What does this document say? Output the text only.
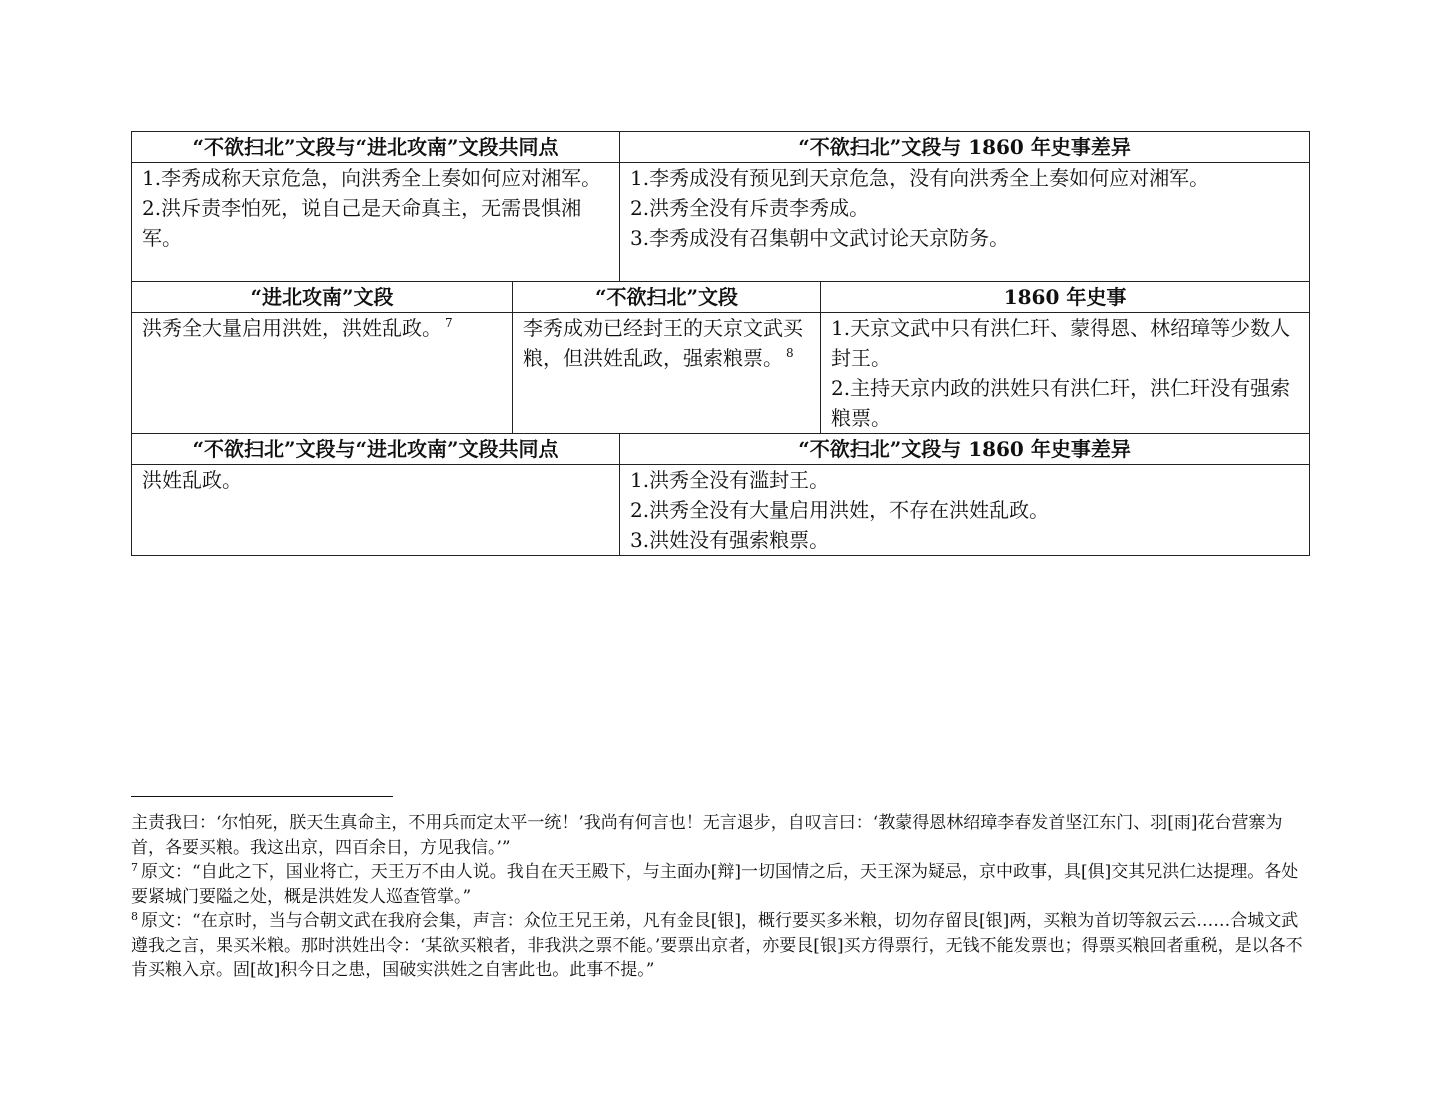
“不欲扫北”文段与“进北攻南”文段共同点		“不欲扫北”文段与 1860 年史事差异	

1.李秀成称天京危急，向洪秀全上奏如何应对湘军。
2.洪斥责李怕死，说自己是天命真主，无需畏惧湘军。		1.李秀成没有预见到天京危急，没有向洪秀全上奏如何应对湘军。
2.洪秀全没有斥责李秀成。
3.李秀成没有召集朝中文武讨论天京防务。	

“进北攻南”文段	“不欲扫北”文段		1860 年史事
洪秀全大量启用洪姓，洪姓乱政。 $^7$	李秀成劝已经封王的天京文武买粮，但洪姓乱政，强索粮票。 $^8$		1.天京文武中只有洪仁玕、蒙得恩、林绍璋等少数人封王。
2.主持天京内政的洪姓只有洪仁玕，洪仁玕没有强索粮票。

“不欲扫北”文段与“进北攻南”文段共同点		“不欲扫北”文段与 1860 年史事差异	

洪姓乱政。		1.洪秀全没有滥封王。
2.洪秀全没有大量启用洪姓，不存在洪姓乱政。
3.洪姓没有强索粮票。	

主责我曰：‘尔怕死，朕天生真命主，不用兵而定太平一统！’我尚有何言也！无言退步，自叹言曰：‘教蒙得恩林绍璋李春发首坚江东门、羽[雨]花台营寨为首，各要买粮。我这出京，四百余日，方见我信。’”

$^7$ 原文：“自此之下，国业将亡，天王万不由人说。我自在天王殿下，与主面办[辩]一切国情之后，天王深为疑忌，京中政事，具[俱]交其兄洪仁达提理。各处要紧城门要隘之处，概是洪姓发人巡查管掌。”

$^8$ 原文：“在京时，当与合朝文武在我府会集，声言：众位王兄王弟，凡有金艮[银]，概行要买多米粮，切勿存留艮[银]两，买粮为首切等叙云云……合城文武遵我之言，果买米粮。那时洪姓出令：‘某欲买粮者，非我洪之票不能。’要票出京者，亦要艮[银]买方得票行，无钱不能发票也；得票买粮回者重税，是以各不肯买粮入京。固[故]积今日之患，国破实洪姓之自害此也。此事不提。”
